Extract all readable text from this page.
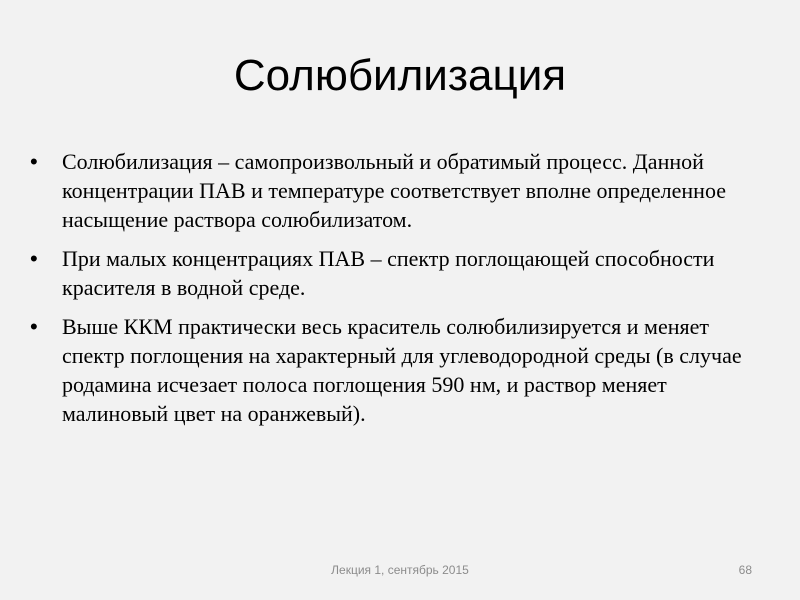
Солюбилизация
• Солюбилизация – самопроизвольный и обратимый процесс. Данной концентрации ПАВ и температуре соответствует вполне определенное насыщение раствора солюбилизатом.
• При малых концентрациях ПАВ – спектр поглощающей способности красителя в водной среде.
• Выше ККМ практически весь краситель солюбилизируется и меняет спектр поглощения на характерный для углеводородной среды (в случае родамина исчезает полоса поглощения 590 нм, и раствор меняет малиновый цвет на оранжевый).
Лекция 1, сентябрь 2015	68
